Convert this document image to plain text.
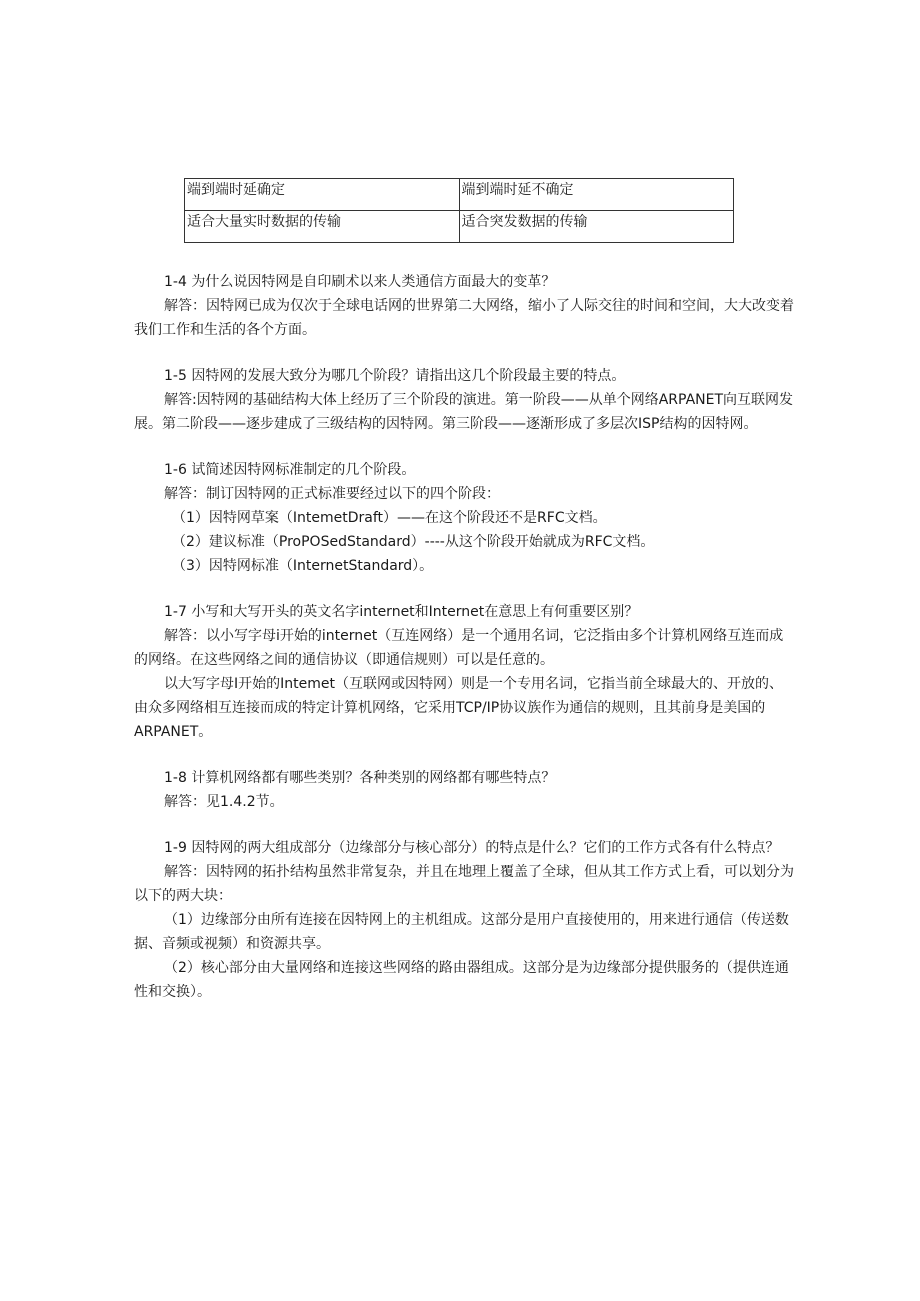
端到端时延确定	端到端时延不确定
适合大量实时数据的传输	适合突发数据的传输

1-4 为什么说因特网是自印刷术以来人类通信方面最大的变革？

解答：因特网已成为仅次于全球电话网的世界第二大网络，缩小了人际交往的时间和空间，大大改变着我们工作和生活的各个方面。

1-5 因特网的发展大致分为哪几个阶段？请指出这几个阶段最主要的特点。

解答:因特网的基础结构大体上经历了三个阶段的演进。第一阶段——从单个网络ARPANET向互联网发展。第二阶段——逐步建成了三级结构的因特网。第三阶段——逐渐形成了多层次ISP结构的因特网。

1-6 试简述因特网标准制定的几个阶段。

解答：制订因特网的正式标准要经过以下的四个阶段：

（1）因特网草案（IntemetDraft）——在这个阶段还不是RFC文档。

（2）建议标准（ProPOSedStandard）----从这个阶段开始就成为RFC文档。

（3）因特网标准（InternetStandard）。

1-7 小写和大写开头的英文名字internet和Internet在意思上有何重要区别？

解答：以小写字母i开始的internet（互连网络）是一个通用名词，它泛指由多个计算机网络互连而成的网络。在这些网络之间的通信协议（即通信规则）可以是任意的。

以大写字母I开始的Intemet（互联网或因特网）则是一个专用名词，它指当前全球最大的、开放的、由众多网络相互连接而成的特定计算机网络，它采用TCP/IP协议族作为通信的规则，且其前身是美国的ARPANET。

1-8 计算机网络都有哪些类别？各种类别的网络都有哪些特点？

解答：见1.4.2节。

1-9 因特网的两大组成部分（边缘部分与核心部分）的特点是什么？它们的工作方式各有什么特点？

解答：因特网的拓扑结构虽然非常复杂，并且在地理上覆盖了全球，但从其工作方式上看，可以划分为以下的两大块：

（1）边缘部分由所有连接在因特网上的主机组成。这部分是用户直接使用的，用来进行通信（传送数据、音频或视频）和资源共享。

（2）核心部分由大量网络和连接这些网络的路由器组成。这部分是为边缘部分提供服务的（提供连通性和交换）。
